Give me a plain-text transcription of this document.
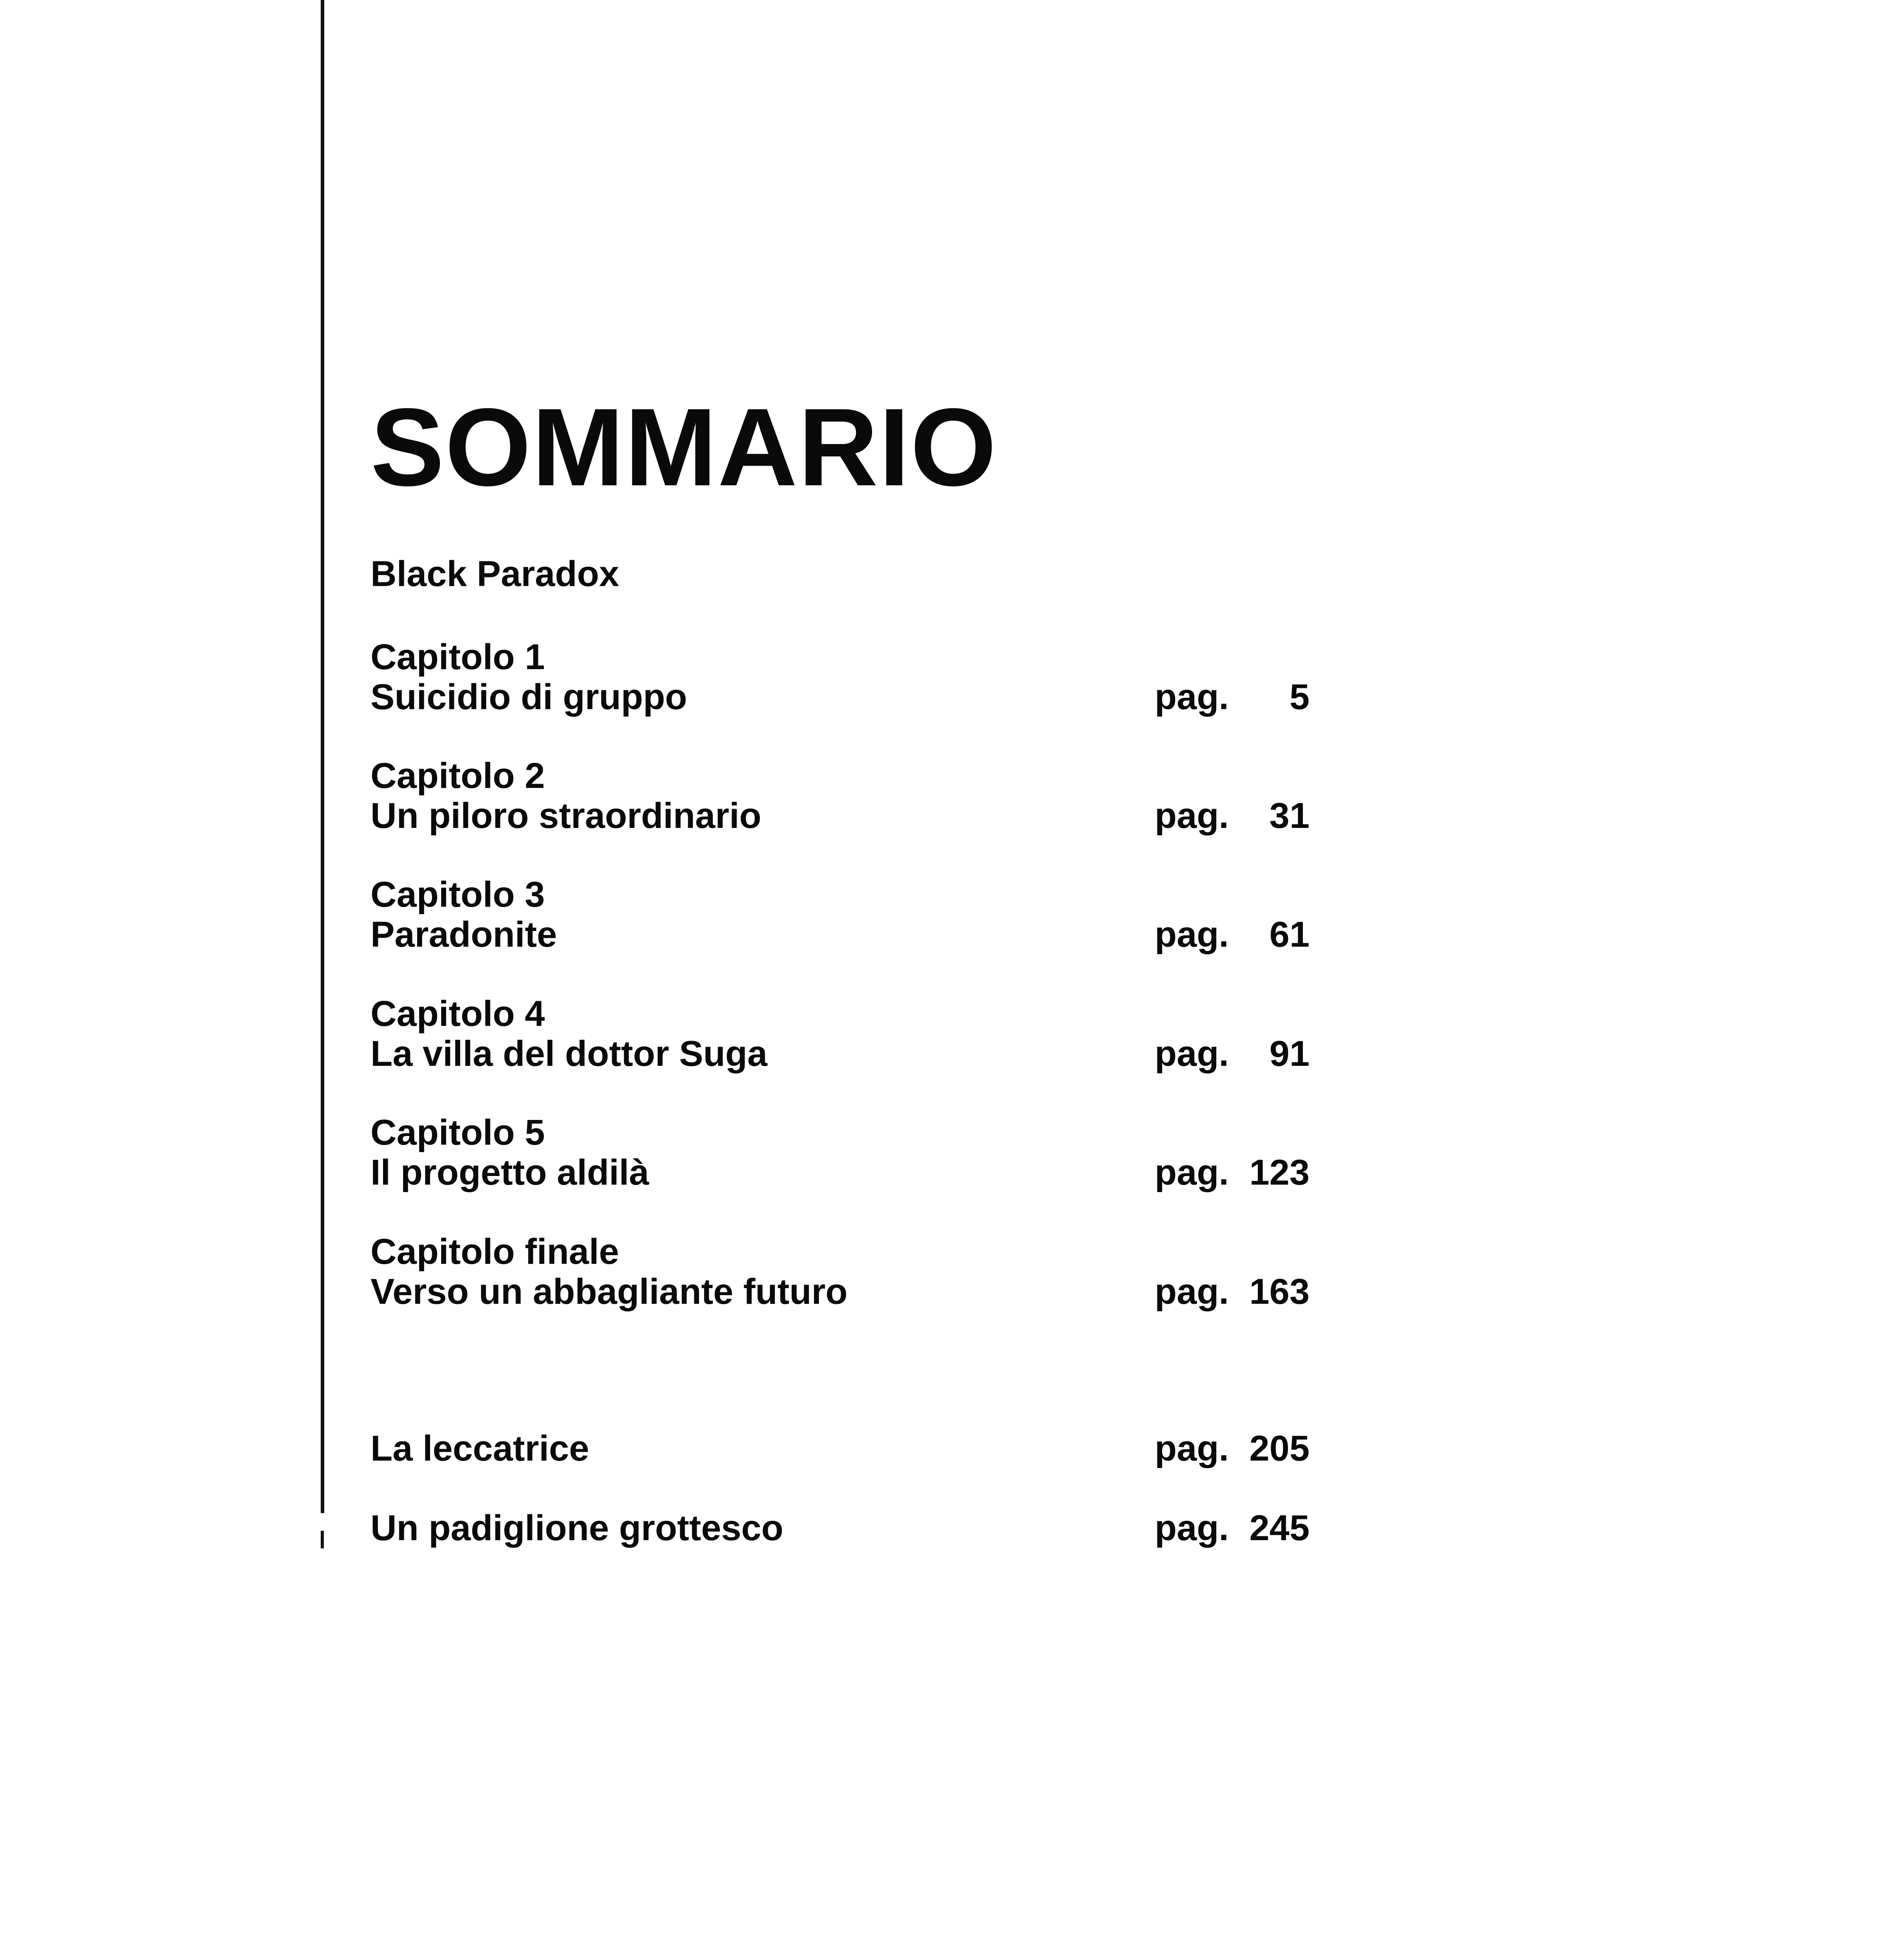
SOMMARIO
Black Paradox
Capitolo 1
Suicidio di gruppo	pag. 5
Capitolo 2
Un piloro straordinario	pag. 31
Capitolo 3
Paradonite	pag. 61
Capitolo 4
La villa del dottor Suga	pag. 91
Capitolo 5
Il progetto aldilà	pag. 123
Capitolo finale
Verso un abbagliante futuro	pag. 163
La leccatrice	pag. 205
Un padiglione grottesco	pag. 245
